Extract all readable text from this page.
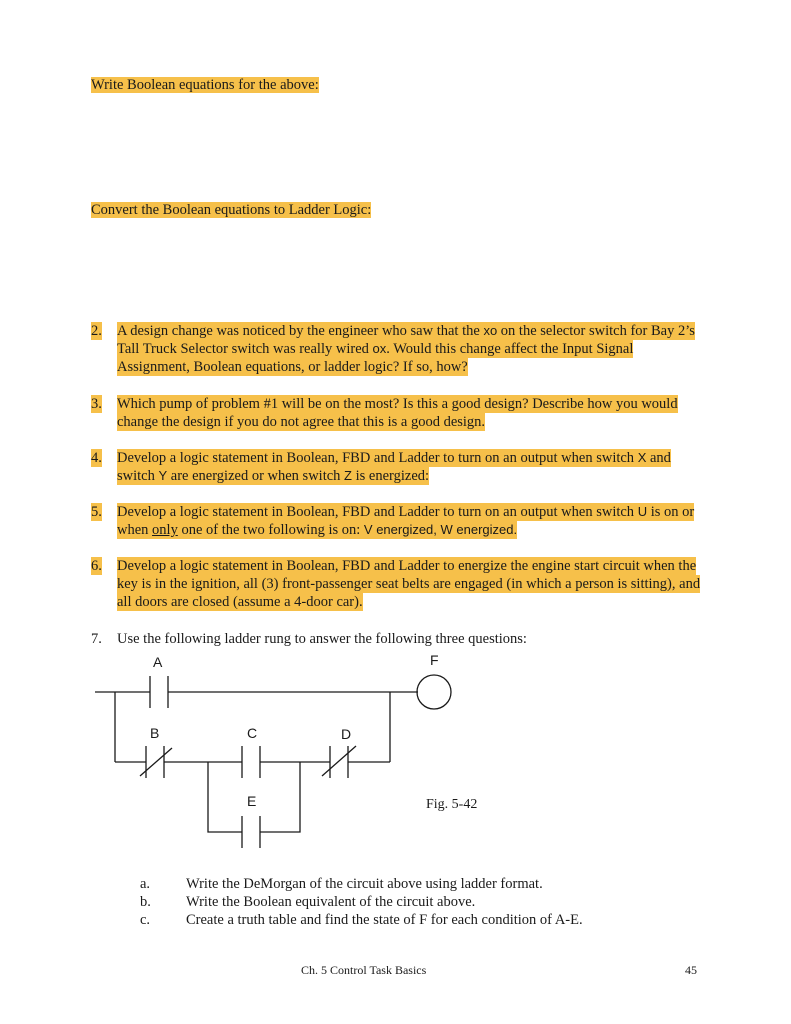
Write Boolean equations for the above:
Convert the Boolean equations to Ladder Logic:
2. A design change was noticed by the engineer who saw that the xo on the selector switch for Bay 2’s Tall Truck Selector switch was really wired ox. Would this change affect the Input Signal Assignment, Boolean equations, or ladder logic? If so, how?
3. Which pump of problem #1 will be on the most? Is this a good design? Describe how you would change the design if you do not agree that this is a good design.
4. Develop a logic statement in Boolean, FBD and Ladder to turn on an output when switch X and switch Y are energized or when switch Z is energized:
5. Develop a logic statement in Boolean, FBD and Ladder to turn on an output when switch U is on or when only one of the two following is on: V energized, W energized.
6. Develop a logic statement in Boolean, FBD and Ladder to energize the engine start circuit when the key is in the ignition, all (3) front-passenger seat belts are engaged (in which a person is sitting), and all doors are closed (assume a 4-door car).
7. Use the following ladder rung to answer the following three questions:
A	F
B	C	D
E	Fig. 5-42
a. Write the DeMorgan of the circuit above using ladder format.
b. Write the Boolean equivalent of the circuit above.
c. Create a truth table and find the state of F for each condition of A-E.
Ch. 5 Control Task Basics	45
